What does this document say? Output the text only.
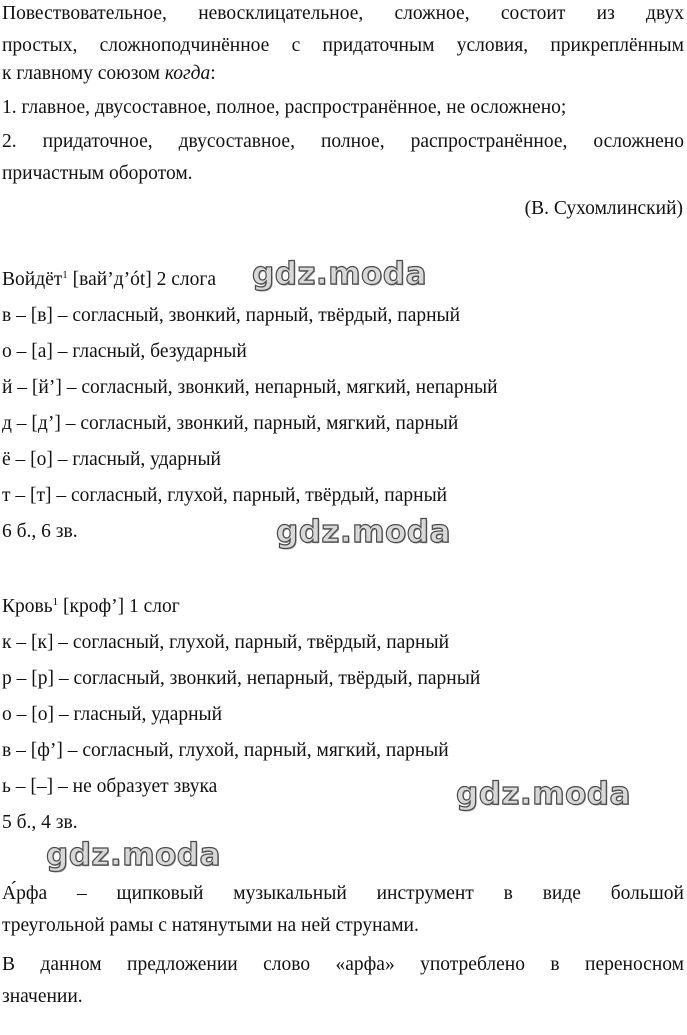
Повествовательное, невосклицательное, сложное, состоит из двух
простых, сложноподчинённое с придаточным условия, прикреплённым
к главному союзом когда:
1. главное, двусоставное, полное, распространённое, не осложнено;
2. придаточное, двусоставное, полное, распространённое, осложнено
причастным оборотом.
(В. Сухомлинский)
Войдёт$^1$ [вай’д’ót] 2 слога
в – [в] – согласный, звонкий, парный, твёрдый, парный
о – [а] – гласный, безударный
й – [й’] – согласный, звонкий, непарный, мягкий, непарный
д – [д’] – согласный, звонкий, парный, мягкий, парный
ё – [о] – гласный, ударный
т – [т] – согласный, глухой, парный, твёрдый, парный
6 б., 6 зв.
Кровь$^1$ [кроф’] 1 слог
к – [к] – согласный, глухой, парный, твёрдый, парный
р – [р] – согласный, звонкий, непарный, твёрдый, парный
о – [о] – гласный, ударный
в – [ф’] – согласный, глухой, парный, мягкий, парный
ь – [–] – не образует звука
5 б., 4 зв.
А́рфа – щипковый музыкальный инструмент в виде большой
треугольной рамы с натянутыми на ней струнами.
В данном предложении слово «арфа» употреблено в переносном
значении.
gdz.moda
gdz.moda
gdz.moda
gdz.moda
